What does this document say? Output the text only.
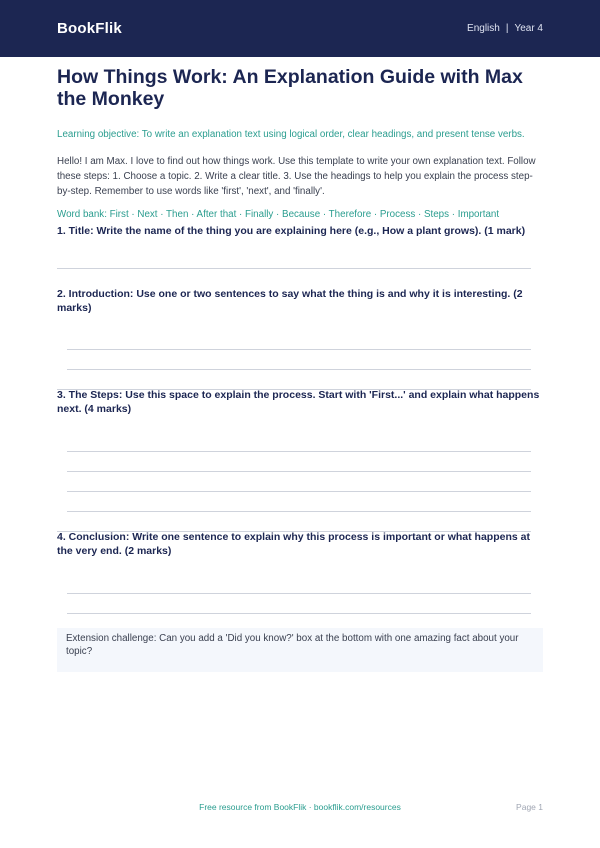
BookFlik	English | Year 4
How Things Work: An Explanation Guide with Max the Monkey
Learning objective: To write an explanation text using logical order, clear headings, and present tense verbs.
Hello! I am Max. I love to find out how things work. Use this template to write your own explanation text. Follow these steps: 1. Choose a topic. 2. Write a clear title. 3. Use the headings to help you explain the process step-by-step. Remember to use words like 'first', 'next', and 'finally'.
Word bank: First · Next · Then · After that · Finally · Because · Therefore · Process · Steps · Important
1. Title: Write the name of the thing you are explaining here (e.g., How a plant grows). (1 mark)
2. Introduction: Use one or two sentences to say what the thing is and why it is interesting. (2 marks)
3. The Steps: Use this space to explain the process. Start with 'First...' and explain what happens next. (4 marks)
4. Conclusion: Write one sentence to explain why this process is important or what happens at the very end. (2 marks)
Extension challenge: Can you add a 'Did you know?' box at the bottom with one amazing fact about your topic?
Free resource from BookFlik · bookflik.com/resources	Page 1
